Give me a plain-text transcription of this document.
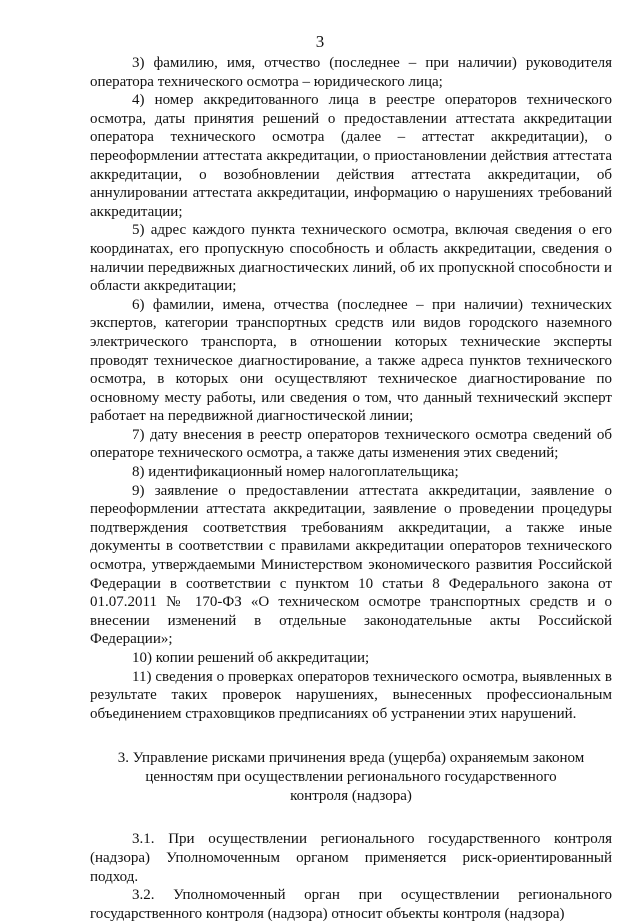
3

3) фамилию, имя, отчество (последнее – при наличии) руководителя оператора технического осмотра – юридического лица;

4) номер аккредитованного лица в реестре операторов технического осмотра, даты принятия решений о предоставлении аттестата аккредитации оператора технического осмотра (далее – аттестат аккредитации), о переоформлении аттестата аккредитации, о приостановлении действия аттестата аккредитации, о возобновлении действия аттестата аккредитации, об аннулировании аттестата аккредитации, информацию о нарушениях требований аккредитации;

5) адрес каждого пункта технического осмотра, включая сведения о его координатах, его пропускную способность и область аккредитации, сведения о наличии передвижных диагностических линий, об их пропускной способности и области аккредитации;

6) фамилии, имена, отчества (последнее – при наличии) технических экспертов, категории транспортных средств или видов городского наземного электрического транспорта, в отношении которых технические эксперты проводят техническое диагностирование, а также адреса пунктов технического осмотра, в которых они осуществляют техническое диагностирование по основному месту работы, или сведения о том, что данный технический эксперт работает на передвижной диагностической линии;

7) дату внесения в реестр операторов технического осмотра сведений об операторе технического осмотра, а также даты изменения этих сведений;

8) идентификационный номер налогоплательщика;

9) заявление о предоставлении аттестата аккредитации, заявление о переоформлении аттестата аккредитации, заявление о проведении процедуры подтверждения соответствия требованиям аккредитации, а также иные документы в соответствии с правилами аккредитации операторов технического осмотра, утверждаемыми Министерством экономического развития Российской Федерации в соответствии с пунктом 10 статьи 8 Федерального закона от 01.07.2011 № 170-ФЗ «О техническом осмотре транспортных средств и о внесении изменений в отдельные законодательные акты Российской Федерации»;

10) копии решений об аккредитации;

11) сведения о проверках операторов технического осмотра, выявленных в результате таких проверок нарушениях, вынесенных профессиональным объединением страховщиков предписаниях об устранении этих нарушений.

3. Управление рисками причинения вреда (ущерба) охраняемым законом
ценностям при осуществлении регионального государственного
контроля (надзора)

3.1. При осуществлении регионального государственного контроля (надзора) Уполномоченным органом применяется риск-ориентированный подход.

3.2. Уполномоченный орган при осуществлении регионального государственного контроля (надзора) относит объекты контроля (надзора)
